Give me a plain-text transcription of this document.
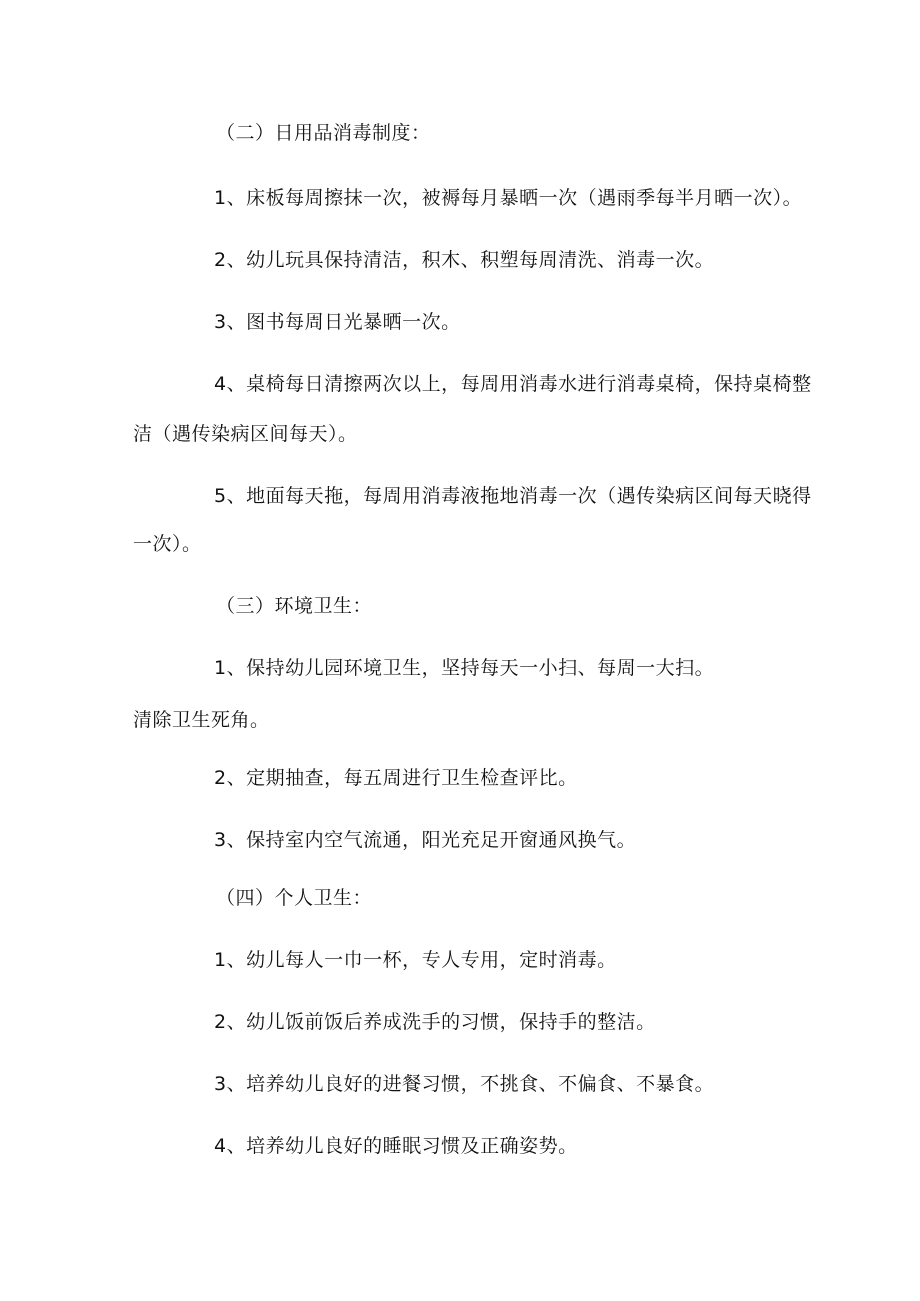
（二）日用品消毒制度：
1、床板每周擦抹一次，被褥每月暴晒一次（遇雨季每半月晒一次）。
2、幼儿玩具保持清洁，积木、积塑每周清洗、消毒一次。
3、图书每周日光暴晒一次。
4、桌椅每日清擦两次以上，每周用消毒水进行消毒桌椅，保持桌椅整
洁（遇传染病区间每天）。
5、地面每天拖，每周用消毒液拖地消毒一次（遇传染病区间每天晓得
一次）。
（三）环境卫生：
1、保持幼儿园环境卫生，坚持每天一小扫、每周一大扫。
清除卫生死角。
2、定期抽查，每五周进行卫生检查评比。
3、保持室内空气流通，阳光充足开窗通风换气。
（四）个人卫生：
1、幼儿每人一巾一杯，专人专用，定时消毒。
2、幼儿饭前饭后养成洗手的习惯，保持手的整洁。
3、培养幼儿良好的进餐习惯，不挑食、不偏食、不暴食。
4、培养幼儿良好的睡眠习惯及正确姿势。
